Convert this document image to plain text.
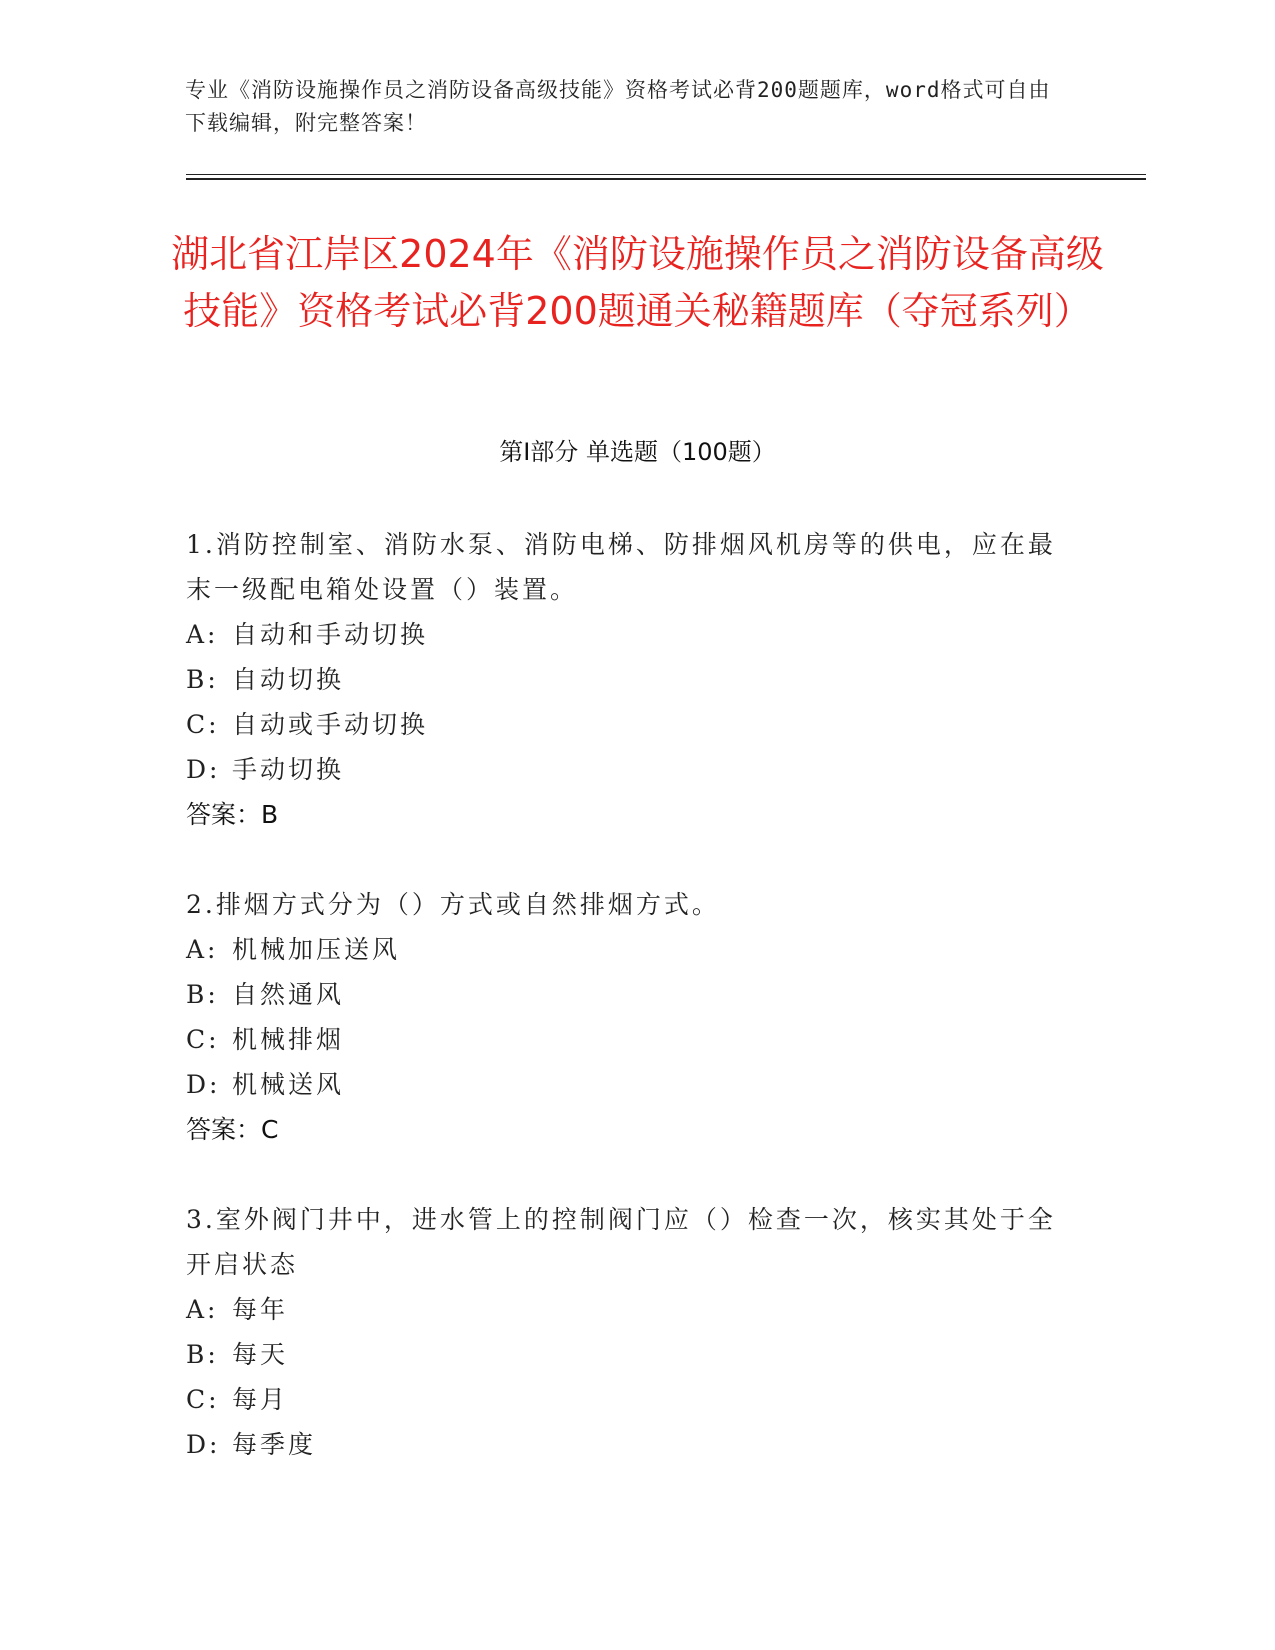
专业《消防设施操作员之消防设备高级技能》资格考试必背200题题库，word格式可自由下载编辑，附完整答案！
湖北省江岸区2024年《消防设施操作员之消防设备高级技能》资格考试必背200题通关秘籍题库（夺冠系列）
第Ⅰ部分 单选题（100题）

1.消防控制室、消防水泵、消防电梯、防排烟风机房等的供电，应在最末一级配电箱处设置（）装置。

A: 自动和手动切换

B: 自动切换

C: 自动或手动切换

D: 手动切换

答案：B

2.排烟方式分为（）方式或自然排烟方式。

A: 机械加压送风

B: 自然通风

C: 机械排烟

D: 机械送风

答案：C

3.室外阀门井中，进水管上的控制阀门应（）检查一次，核实其处于全开启状态

A: 每年

B: 每天

C: 每月

D: 每季度
